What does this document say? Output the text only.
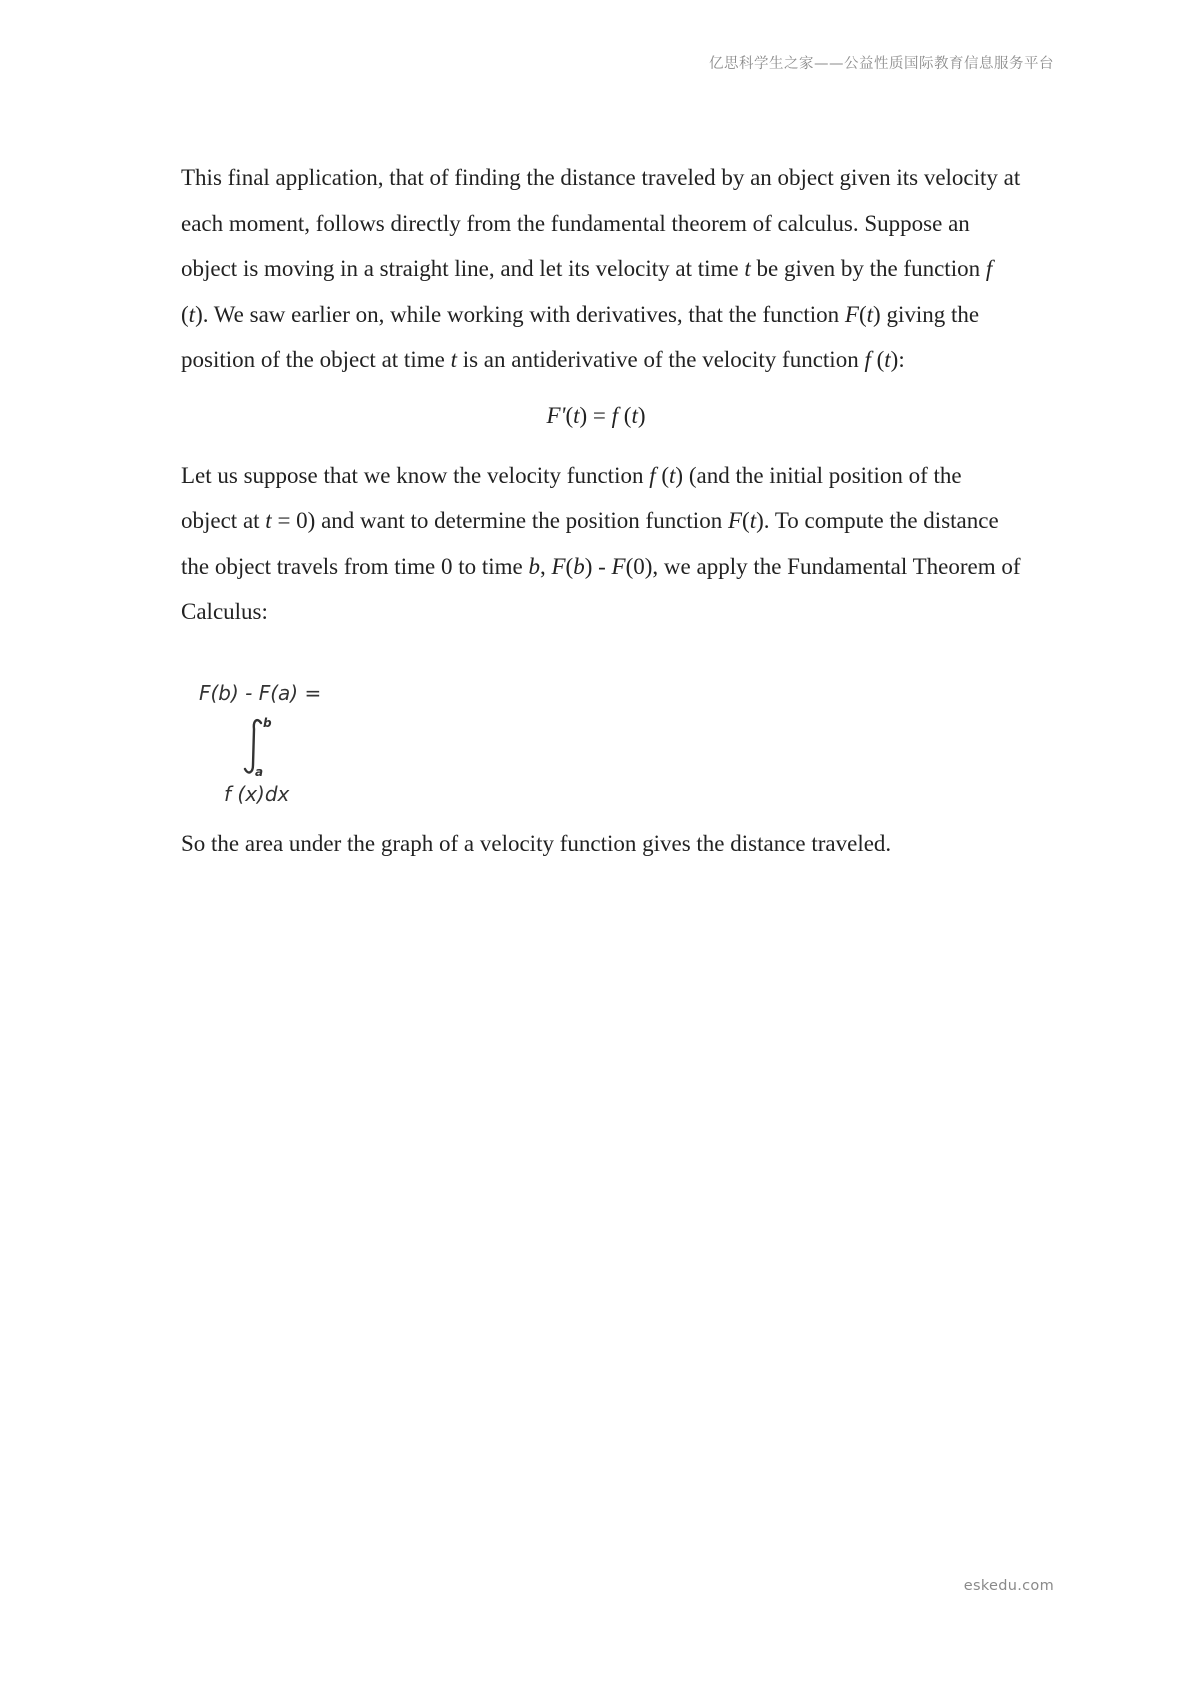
亿思科学生之家——公益性质国际教育信息服务平台

This final application, that of finding the distance traveled by an object given its velocity at each moment, follows directly from the fundamental theorem of calculus. Suppose an object is moving in a straight line, and let its velocity at time t be given by the function f (t). We saw earlier on, while working with derivatives, that the function F(t) giving the position of the object at time t is an antiderivative of the velocity function f (t):

F'(t) = f (t)

Let us suppose that we know the velocity function f (t) (and the initial position of the object at t = 0) and want to determine the position function F(t). To compute the distance the object travels from time 0 to time b, F(b) - F(0), we apply the Fundamental Theorem of Calculus:

F(b) - F(a) =
b
a
f (x)dx

So the area under the graph of a velocity function gives the distance traveled.

eskedu.com
